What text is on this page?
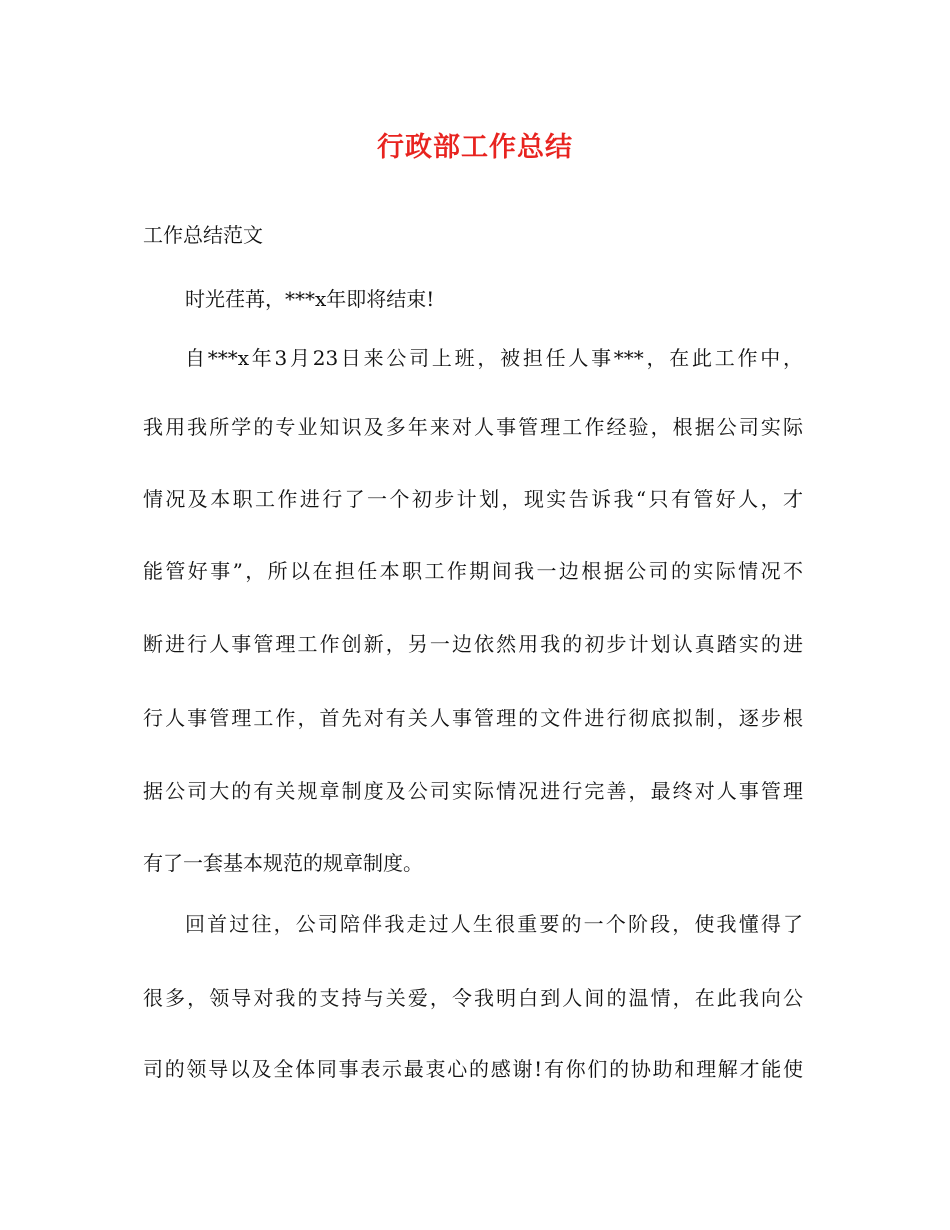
行政部工作总结

工作总结范文

时光荏苒，***x年即将结束!

自***x年3月23日来公司上班，被担任人事***，在此工作中，

我用我所学的专业知识及多年来对人事管理工作经验，根据公司实际

情况及本职工作进行了一个初步计划，现实告诉我“只有管好人，才

能管好事”，所以在担任本职工作期间我一边根据公司的实际情况不

断进行人事管理工作创新，另一边依然用我的初步计划认真踏实的进

行人事管理工作，首先对有关人事管理的文件进行彻底拟制，逐步根

据公司大的有关规章制度及公司实际情况进行完善，最终对人事管理

有了一套基本规范的规章制度。

回首过往，公司陪伴我走过人生很重要的一个阶段，使我懂得了

很多，领导对我的支持与关爱，令我明白到人间的温情，在此我向公

司的领导以及全体同事表示最衷心的感谢!有你们的协助和理解才能使
